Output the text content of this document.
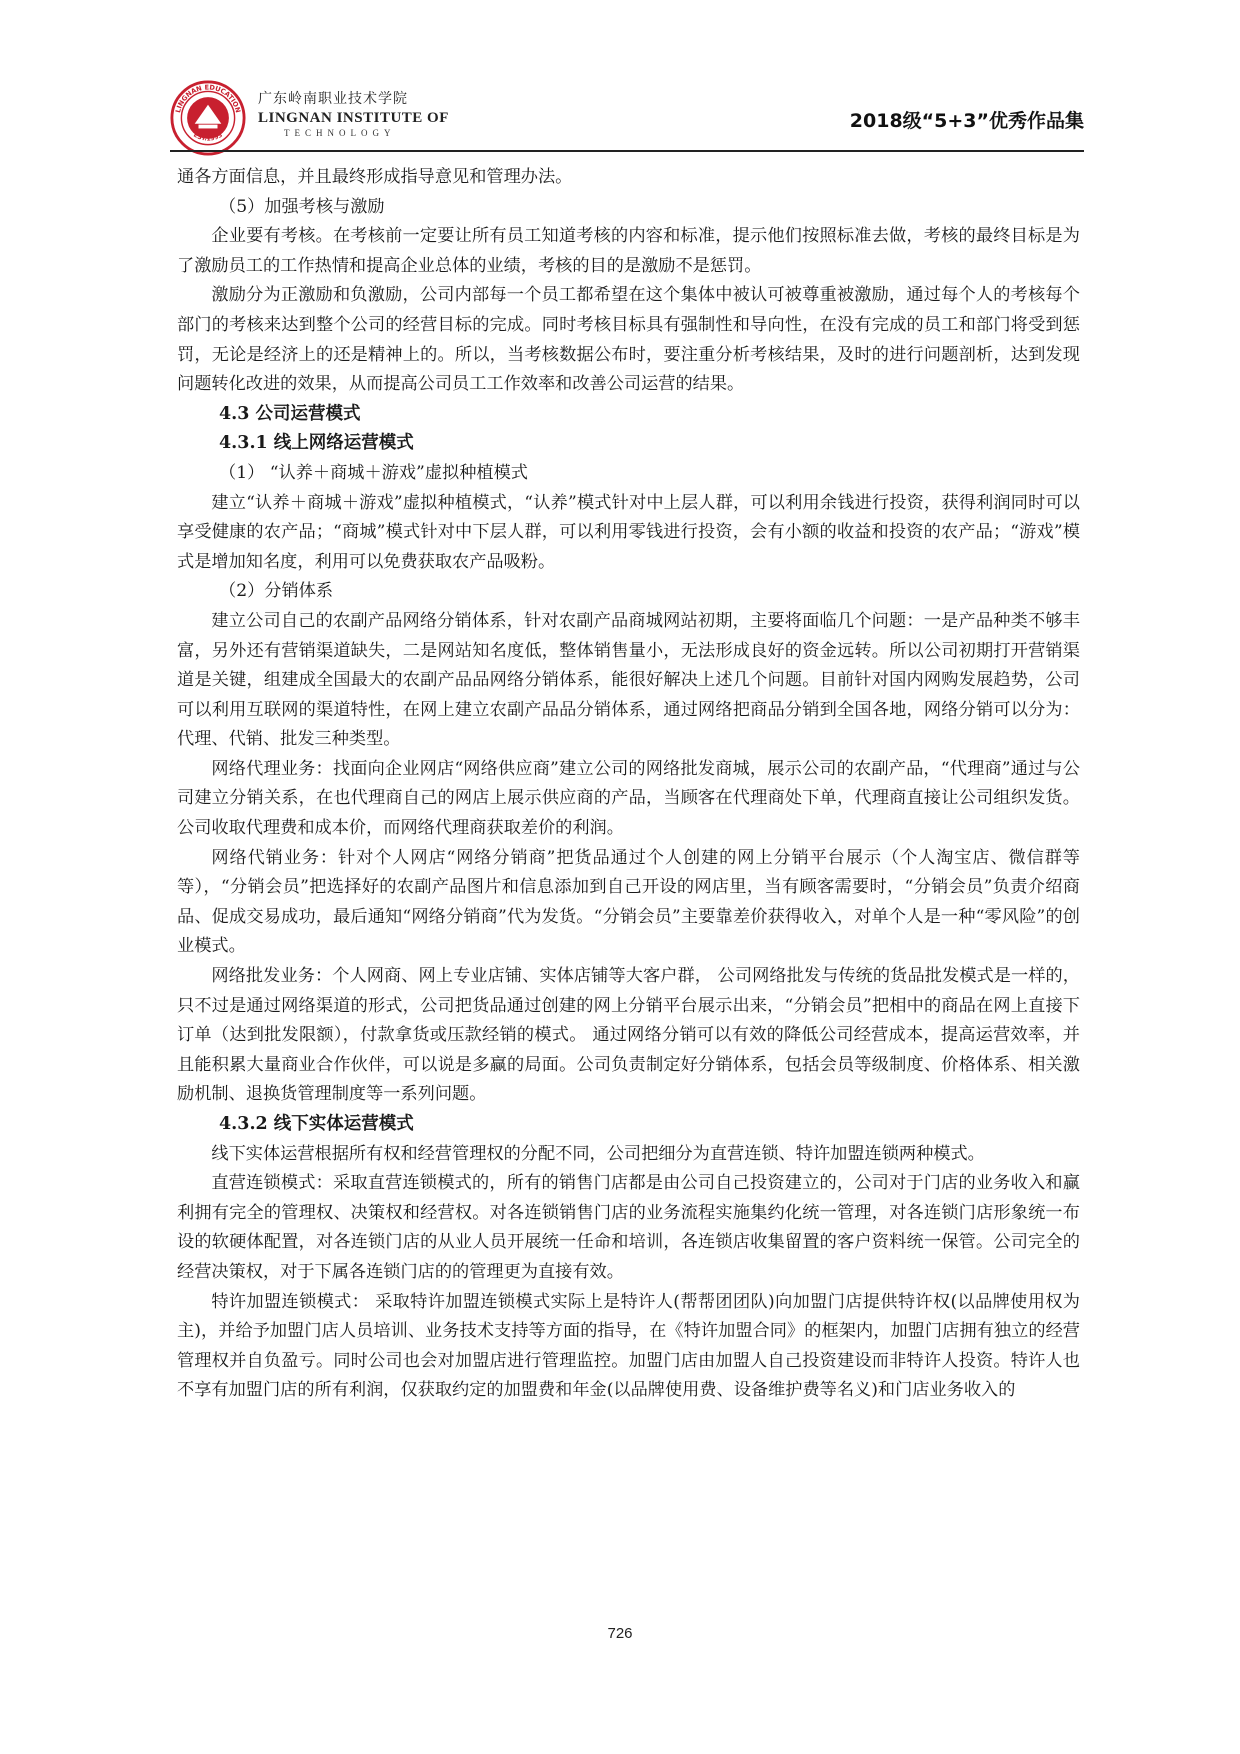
LINGNAN EDUCATION
EST.1993
广东岭南职业技术学院
LINGNAN INSTITUTE OF
TECHNOLOGY
2018级“5+3”优秀作品集

通各方面信息，并且最终形成指导意见和管理办法。

（5）加强考核与激励

企业要有考核。在考核前一定要让所有员工知道考核的内容和标准，提示他们按照标准去做，考核的最终目标是为了激励员工的工作热情和提高企业总体的业绩，考核的目的是激励不是惩罚。

激励分为正激励和负激励，公司内部每一个员工都希望在这个集体中被认可被尊重被激励，通过每个人的考核每个部门的考核来达到整个公司的经营目标的完成。同时考核目标具有强制性和导向性，在没有完成的员工和部门将受到惩罚，无论是经济上的还是精神上的。所以，当考核数据公布时，要注重分析考核结果，及时的进行问题剖析，达到发现问题转化改进的效果，从而提高公司员工工作效率和改善公司运营的结果。

4.3 公司运营模式

4.3.1 线上网络运营模式

（1） “认养＋商城＋游戏”虚拟种植模式

建立“认养＋商城＋游戏”虚拟种植模式，“认养”模式针对中上层人群，可以利用余钱进行投资，获得利润同时可以享受健康的农产品；“商城”模式针对中下层人群，可以利用零钱进行投资，会有小额的收益和投资的农产品；“游戏”模式是增加知名度，利用可以免费获取农产品吸粉。

（2）分销体系

建立公司自己的农副产品网络分销体系，针对农副产品商城网站初期，主要将面临几个问题：一是产品种类不够丰富，另外还有营销渠道缺失，二是网站知名度低，整体销售量小，无法形成良好的资金远转。所以公司初期打开营销渠道是关键，组建成全国最大的农副产品品网络分销体系，能很好解决上述几个问题。目前针对国内网购发展趋势，公司可以利用互联网的渠道特性，在网上建立农副产品品分销体系，通过网络把商品分销到全国各地，网络分销可以分为：代理、代销、批发三种类型。

网络代理业务：找面向企业网店“网络供应商”建立公司的网络批发商城，展示公司的农副产品，“代理商”通过与公司建立分销关系，在也代理商自己的网店上展示供应商的产品，当顾客在代理商处下单，代理商直接让公司组织发货。公司收取代理费和成本价，而网络代理商获取差价的利润。

网络代销业务：针对个人网店“网络分销商”把货品通过个人创建的网上分销平台展示（个人淘宝店、微信群等等），“分销会员”把选择好的农副产品图片和信息添加到自己开设的网店里，当有顾客需要时，“分销会员”负责介绍商品、促成交易成功，最后通知“网络分销商”代为发货。“分销会员”主要靠差价获得收入，对单个人是一种“零风险”的创业模式。

网络批发业务：个人网商、网上专业店铺、实体店铺等大客户群， 公司网络批发与传统的货品批发模式是一样的，只不过是通过网络渠道的形式，公司把货品通过创建的网上分销平台展示出来，“分销会员”把相中的商品在网上直接下订单（达到批发限额），付款拿货或压款经销的模式。 通过网络分销可以有效的降低公司经营成本，提高运营效率，并且能积累大量商业合作伙伴，可以说是多赢的局面。公司负责制定好分销体系，包括会员等级制度、价格体系、相关激励机制、退换货管理制度等一系列问题。

4.3.2 线下实体运营模式

线下实体运营根据所有权和经营管理权的分配不同，公司把细分为直营连锁、特许加盟连锁两种模式。

直营连锁模式：采取直营连锁模式的，所有的销售门店都是由公司自己投资建立的，公司对于门店的业务收入和赢利拥有完全的管理权、决策权和经营权。对各连锁销售门店的业务流程实施集约化统一管理，对各连锁门店形象统一布设的软硬体配置，对各连锁门店的从业人员开展统一任命和培训，各连锁店收集留置的客户资料统一保管。公司完全的经营决策权，对于下属各连锁门店的的管理更为直接有效。

特许加盟连锁模式： 采取特许加盟连锁模式实际上是特许人(帮帮团团队)向加盟门店提供特许权(以品牌使用权为主)，并给予加盟门店人员培训、业务技术支持等方面的指导，在《特许加盟合同》的框架内，加盟门店拥有独立的经营管理权并自负盈亏。同时公司也会对加盟店进行管理监控。加盟门店由加盟人自己投资建设而非特许人投资。特许人也不享有加盟门店的所有利润，仅获取约定的加盟费和年金(以品牌使用费、设备维护费等名义)和门店业务收入的

726
